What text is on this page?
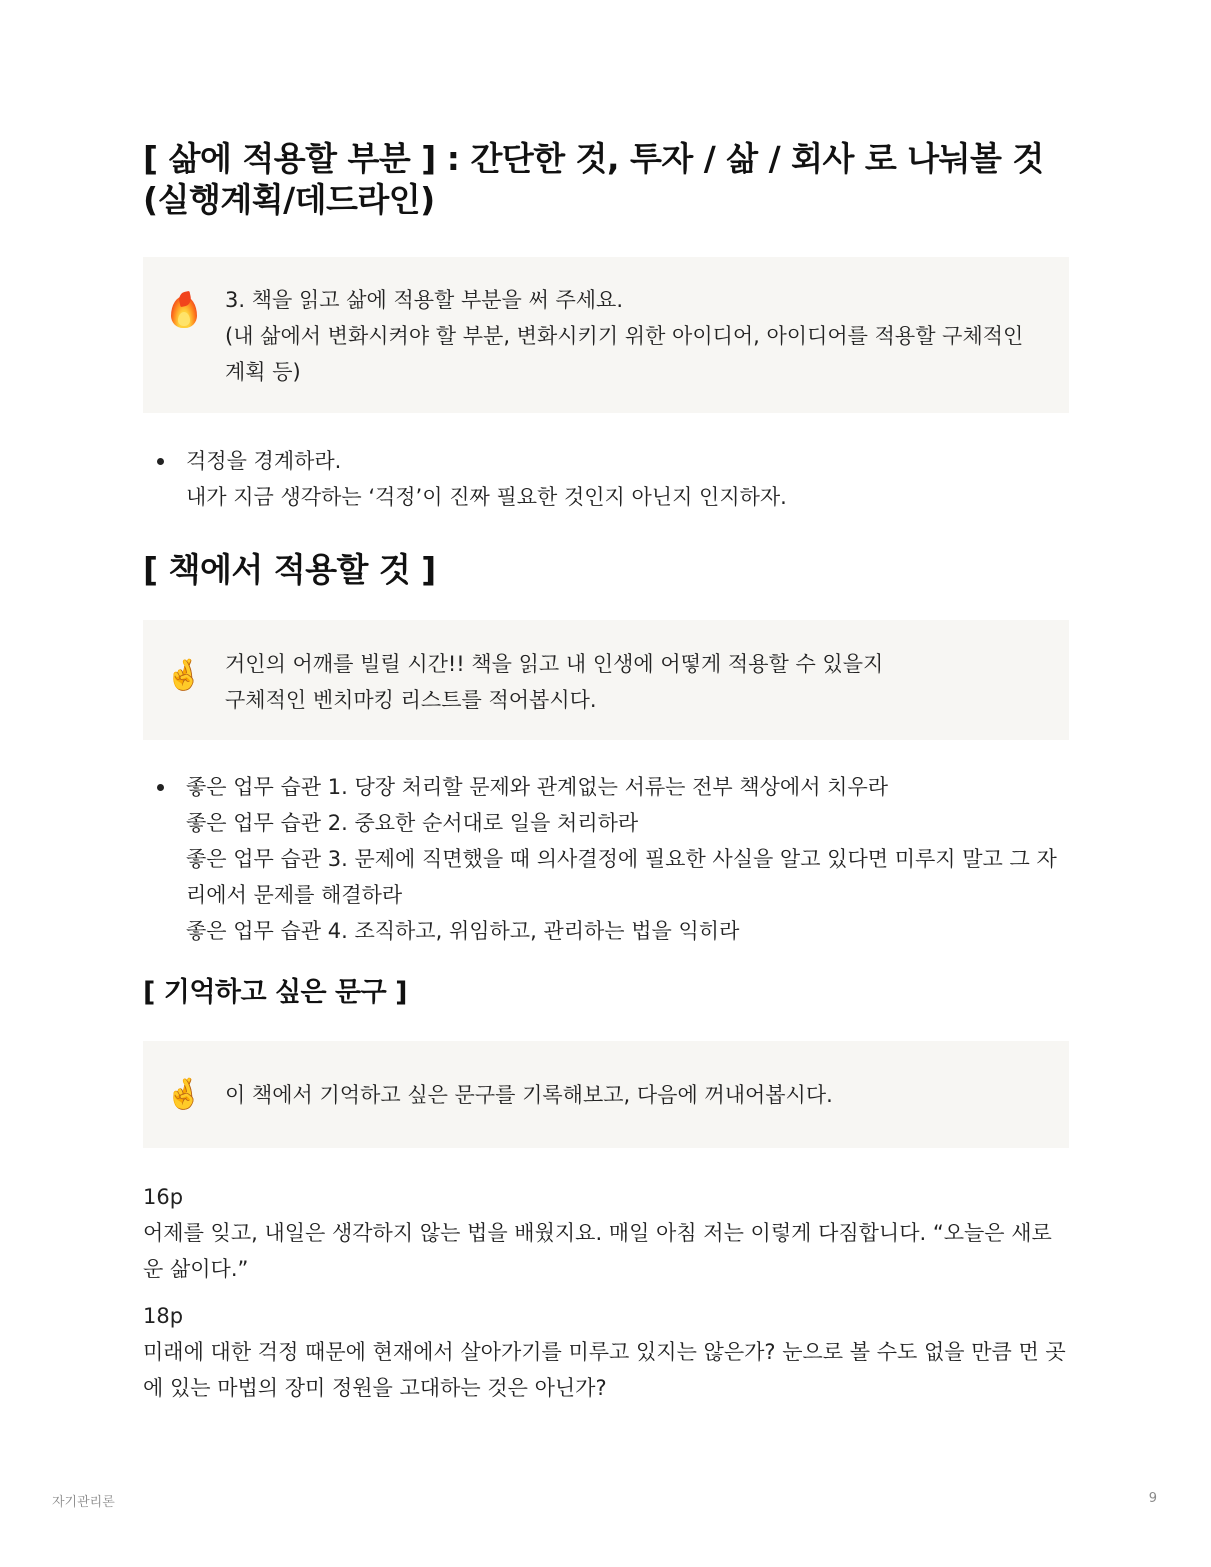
[ 삶에 적용할 부분 ] : 간단한 것, 투자 / 삶 / 회사 로 나눠볼 것 (실행계획/데드라인)
3. 책을 읽고 삶에 적용할 부분을 써 주세요.
(내 삶에서 변화시켜야 할 부분, 변화시키기 위한 아이디어, 아이디어를 적용할 구체적인 계획 등)
걱정을 경계하라.
내가 지금 생각하는 ‘걱정’이 진짜 필요한 것인지 아닌지 인지하자.
[ 책에서 적용할 것 ]
🤞	거인의 어깨를 빌릴 시간!! 책을 읽고 내 인생에 어떻게 적용할 수 있을지
구체적인 벤치마킹 리스트를 적어봅시다.
좋은 업무 습관 1. 당장 처리할 문제와 관계없는 서류는 전부 책상에서 치우라
좋은 업무 습관 2. 중요한 순서대로 일을 처리하라
좋은 업무 습관 3. 문제에 직면했을 때 의사결정에 필요한 사실을 알고 있다면 미루지 말고 그 자리에서 문제를 해결하라
좋은 업무 습관 4. 조직하고, 위임하고, 관리하는 법을 익히라
[ 기억하고 싶은 문구 ]
🤞	이 책에서 기억하고 싶은 문구를 기록해보고, 다음에 꺼내어봅시다.
16p
어제를 잊고, 내일은 생각하지 않는 법을 배웠지요. 매일 아침 저는 이렇게 다짐합니다. “오늘은 새로운 삶이다.”
18p
미래에 대한 걱정 때문에 현재에서 살아가기를 미루고 있지는 않은가? 눈으로 볼 수도 없을 만큼 먼 곳에 있는 마법의 장미 정원을 고대하는 것은 아닌가?
자기관리론	9
